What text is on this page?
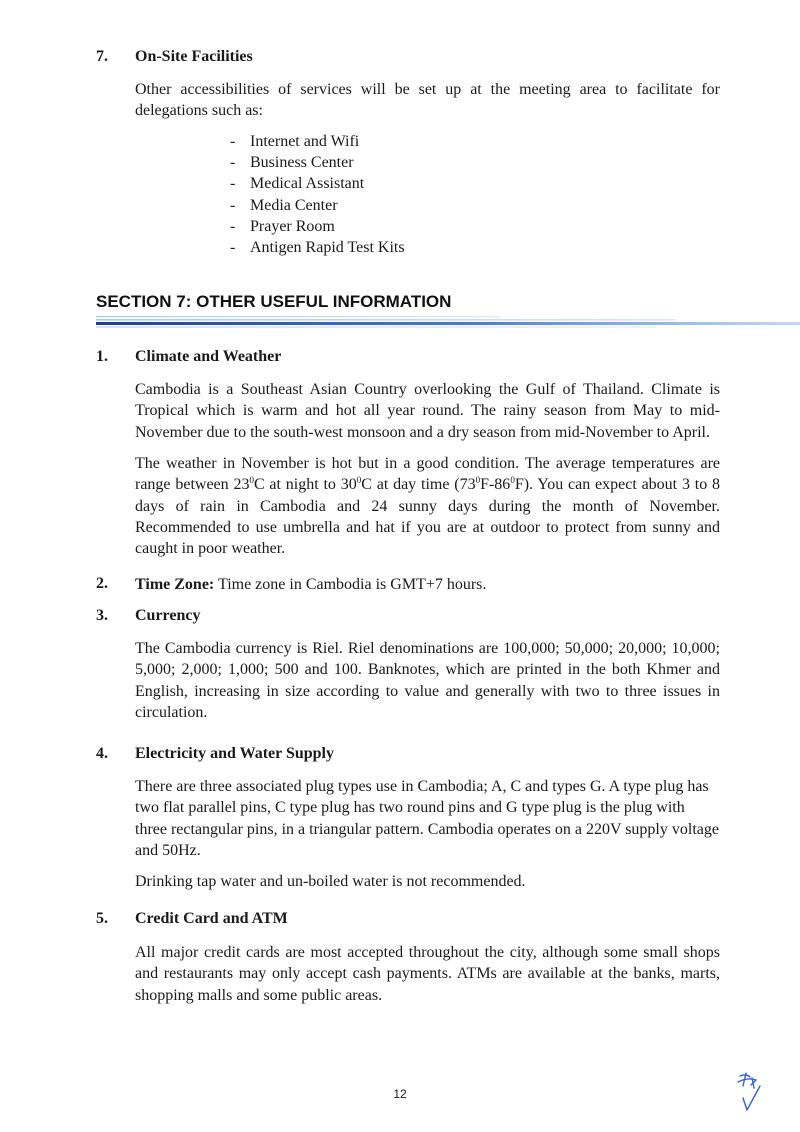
7. On-Site Facilities

Other accessibilities of services will be set up at the meeting area to facilitate for delegations such as:

- Internet and Wifi
- Business Center
- Medical Assistant
- Media Center
- Prayer Room
- Antigen Rapid Test Kits
SECTION 7: OTHER USEFUL INFORMATION
1. Climate and Weather

Cambodia is a Southeast Asian Country overlooking the Gulf of Thailand. Climate is Tropical which is warm and hot all year round. The rainy season from May to mid-November due to the south-west monsoon and a dry season from mid-November to April.

The weather in November is hot but in a good condition. The average temperatures are range between $23^0C$ at night to $30^0C$ at day time $(73^0F-86^0F)$. You can expect about 3 to 8 days of rain in Cambodia and 24 sunny days during the month of November. Recommended to use umbrella and hat if you are at outdoor to protect from sunny and caught in poor weather.

2. Time Zone: Time zone in Cambodia is GMT+7 hours.

3. Currency

The Cambodia currency is Riel. Riel denominations are 100,000; 50,000; 20,000; 10,000; 5,000; 2,000; 1,000; 500 and 100. Banknotes, which are printed in the both Khmer and English, increasing in size according to value and generally with two to three issues in circulation.

4. Electricity and Water Supply

There are three associated plug types use in Cambodia; A, C and types G. A type plug has two flat parallel pins, C type plug has two round pins and G type plug is the plug with three rectangular pins, in a triangular pattern. Cambodia operates on a 220V supply voltage and 50Hz.

Drinking tap water and un-boiled water is not recommended.

5. Credit Card and ATM

All major credit cards are most accepted throughout the city, although some small shops and restaurants may only accept cash payments. ATMs are available at the banks, marts, shopping malls and some public areas.

12
